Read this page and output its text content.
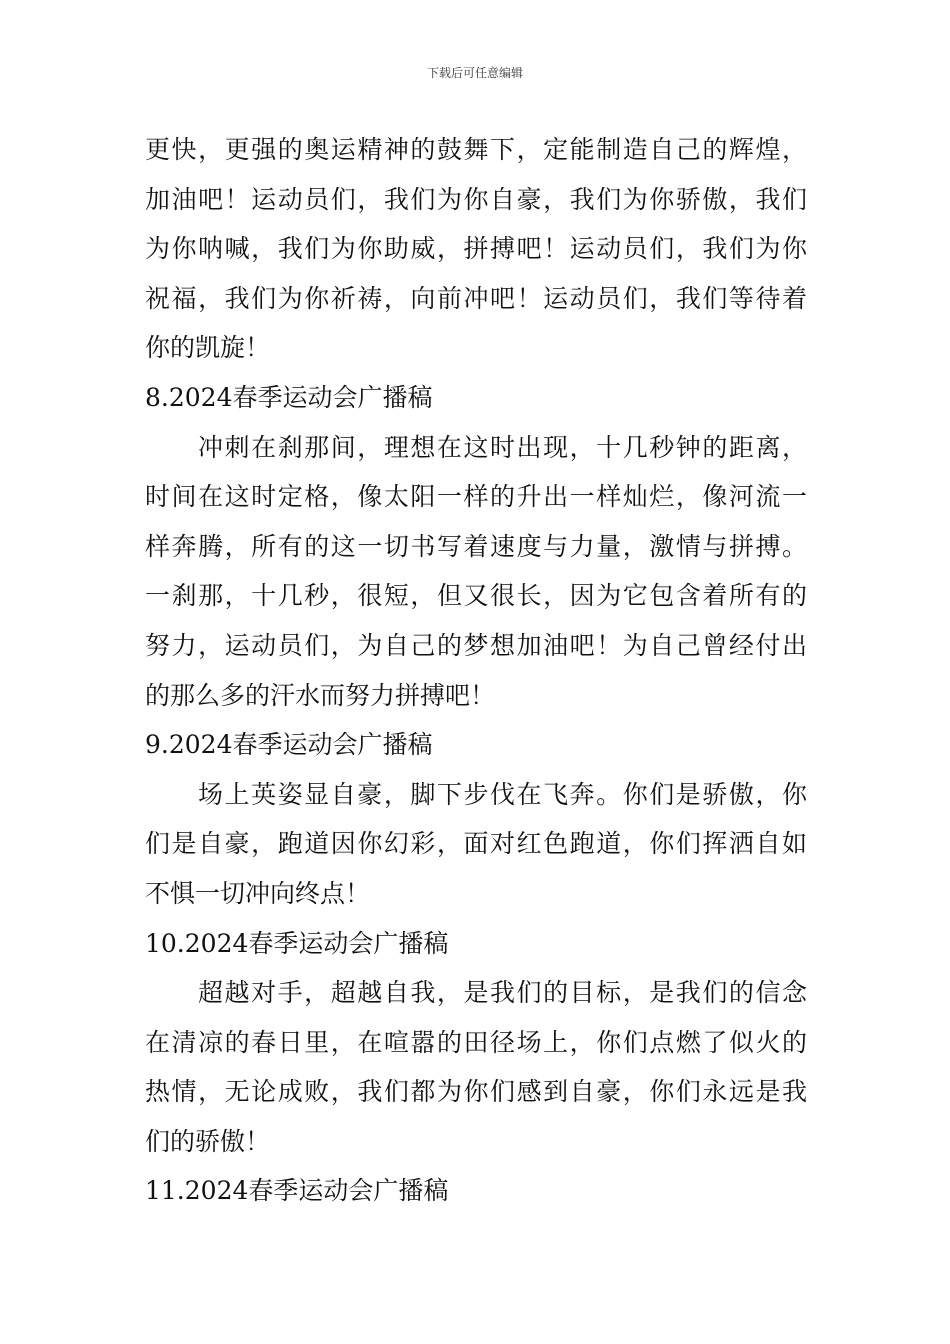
下载后可任意编辑
更快，更强的奥运精神的鼓舞下，定能制造自己的辉煌，
加油吧！运动员们，我们为你自豪，我们为你骄傲，我们
为你呐喊，我们为你助威，拼搏吧！运动员们，我们为你
祝福，我们为你祈祷，向前冲吧！运动员们，我们等待着
你的凯旋！
8.2024春季运动会广播稿
冲刺在刹那间，理想在这时出现，十几秒钟的距离，
时间在这时定格，像太阳一样的升出一样灿烂，像河流一
样奔腾，所有的这一切书写着速度与力量，激情与拼搏。
一刹那，十几秒，很短，但又很长，因为它包含着所有的
努力，运动员们，为自己的梦想加油吧！为自己曾经付出
的那么多的汗水而努力拼搏吧！
9.2024春季运动会广播稿
场上英姿显自豪，脚下步伐在飞奔。你们是骄傲，你
们是自豪，跑道因你幻彩，面对红色跑道，你们挥洒自如
不惧一切冲向终点！
10.2024春季运动会广播稿
超越对手，超越自我，是我们的目标，是我们的信念
在清凉的春日里，在喧嚣的田径场上，你们点燃了似火的
热情，无论成败，我们都为你们感到自豪，你们永远是我
们的骄傲！
11.2024春季运动会广播稿
